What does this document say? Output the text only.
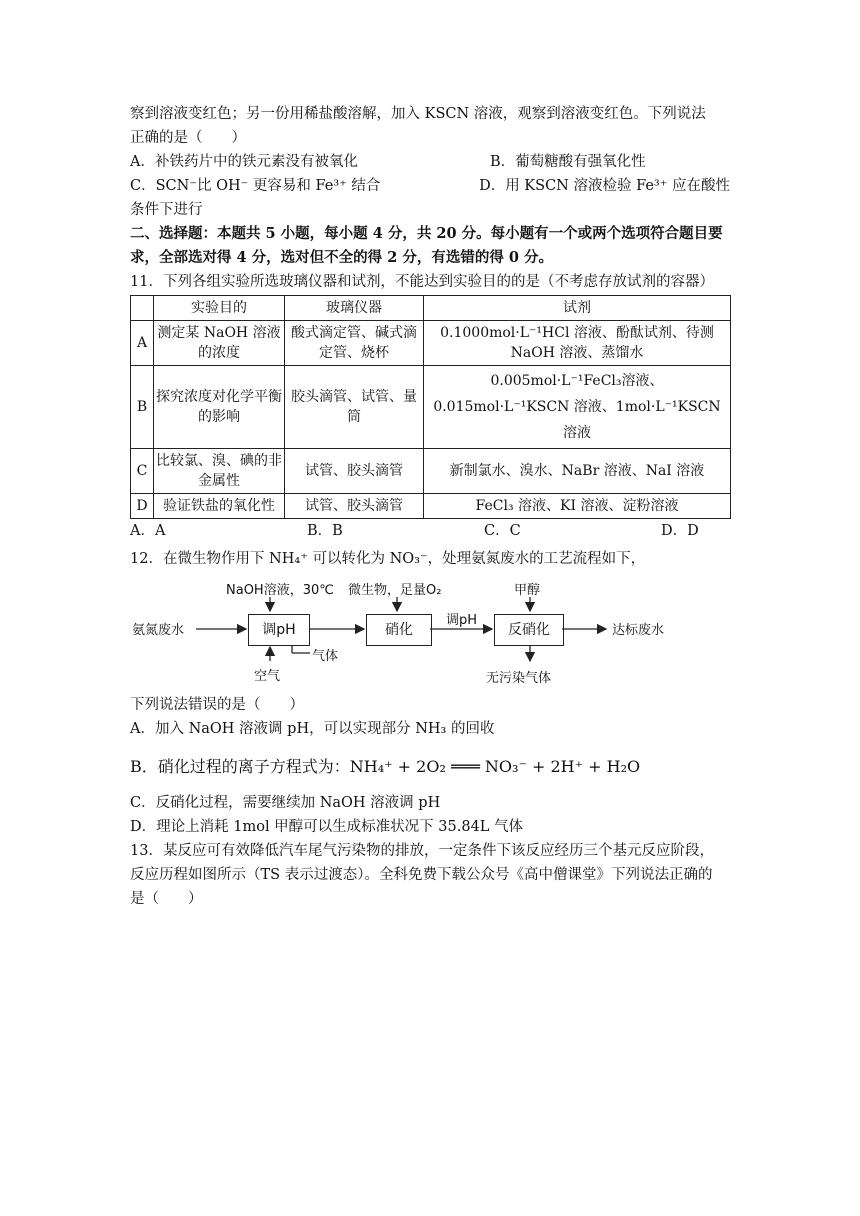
察到溶液变红色；另一份用稀盐酸溶解，加入 KSCN 溶液，观察到溶液变红色。下列说法
正确的是（　　）
A．补铁药片中的铁元素没有被氧化	B．葡萄糖酸有强氧化性
C．SCN⁻比 OH⁻ 更容易和 Fe³⁺ 结合	D．用 KSCN 溶液检验 Fe³⁺ 应在酸性
条件下进行
二、选择题：本题共 5 小题，每小题 4 分，共 20 分。每小题有一个或两个选项符合题目要
求，全部选对得 4 分，选对但不全的得 2 分，有选错的得 0 分。
11．下列各组实验所选玻璃仪器和试剂，不能达到实验目的的是（不考虑存放试剂的容器）
	实验目的	玻璃仪器	试剂
A	测定某 NaOH 溶液的浓度	酸式滴定管、碱式滴定管、烧杯	0.1000mol·L⁻¹HCl 溶液、酚酞试剂、待测 NaOH 溶液、蒸馏水
B	探究浓度对化学平衡的影响	胶头滴管、试管、量筒	0.005mol·L⁻¹FeCl₃溶液、0.015mol·L⁻¹KSCN 溶液、1mol·L⁻¹KSCN 溶液
C	比较氯、溴、碘的非金属性	试管、胶头滴管	新制氯水、溴水、NaBr 溶液、NaI 溶液
D	验证铁盐的氧化性	试管、胶头滴管	FeCl₃ 溶液、KI 溶液、淀粉溶液
A．A	B．B	C．C	D．D
12．在微生物作用下 NH₄⁺ 可以转化为 NO₃⁻，处理氨氮废水的工艺流程如下，
氨氮废水	调pH
NaOH溶液，30℃
空气
气体
硝化
微生物，足量O₂
调pH
反硝化
甲醇
无污染气体
达标废水
下列说法错误的是（　　）
A．加入 NaOH 溶液调 pH，可以实现部分 NH₃ 的回收
B．硝化过程的离子方程式为：NH₄⁺ + 2O₂ ═══ NO₃⁻ + 2H⁺ + H₂O
C．反硝化过程，需要继续加 NaOH 溶液调 pH
D．理论上消耗 1mol 甲醇可以生成标准状况下 35.84L 气体
13．某反应可有效降低汽车尾气污染物的排放，一定条件下该反应经历三个基元反应阶段，
反应历程如图所示（TS 表示过渡态）。全科免费下载公众号《高中僧课堂》下列说法正确的
是（　　）
